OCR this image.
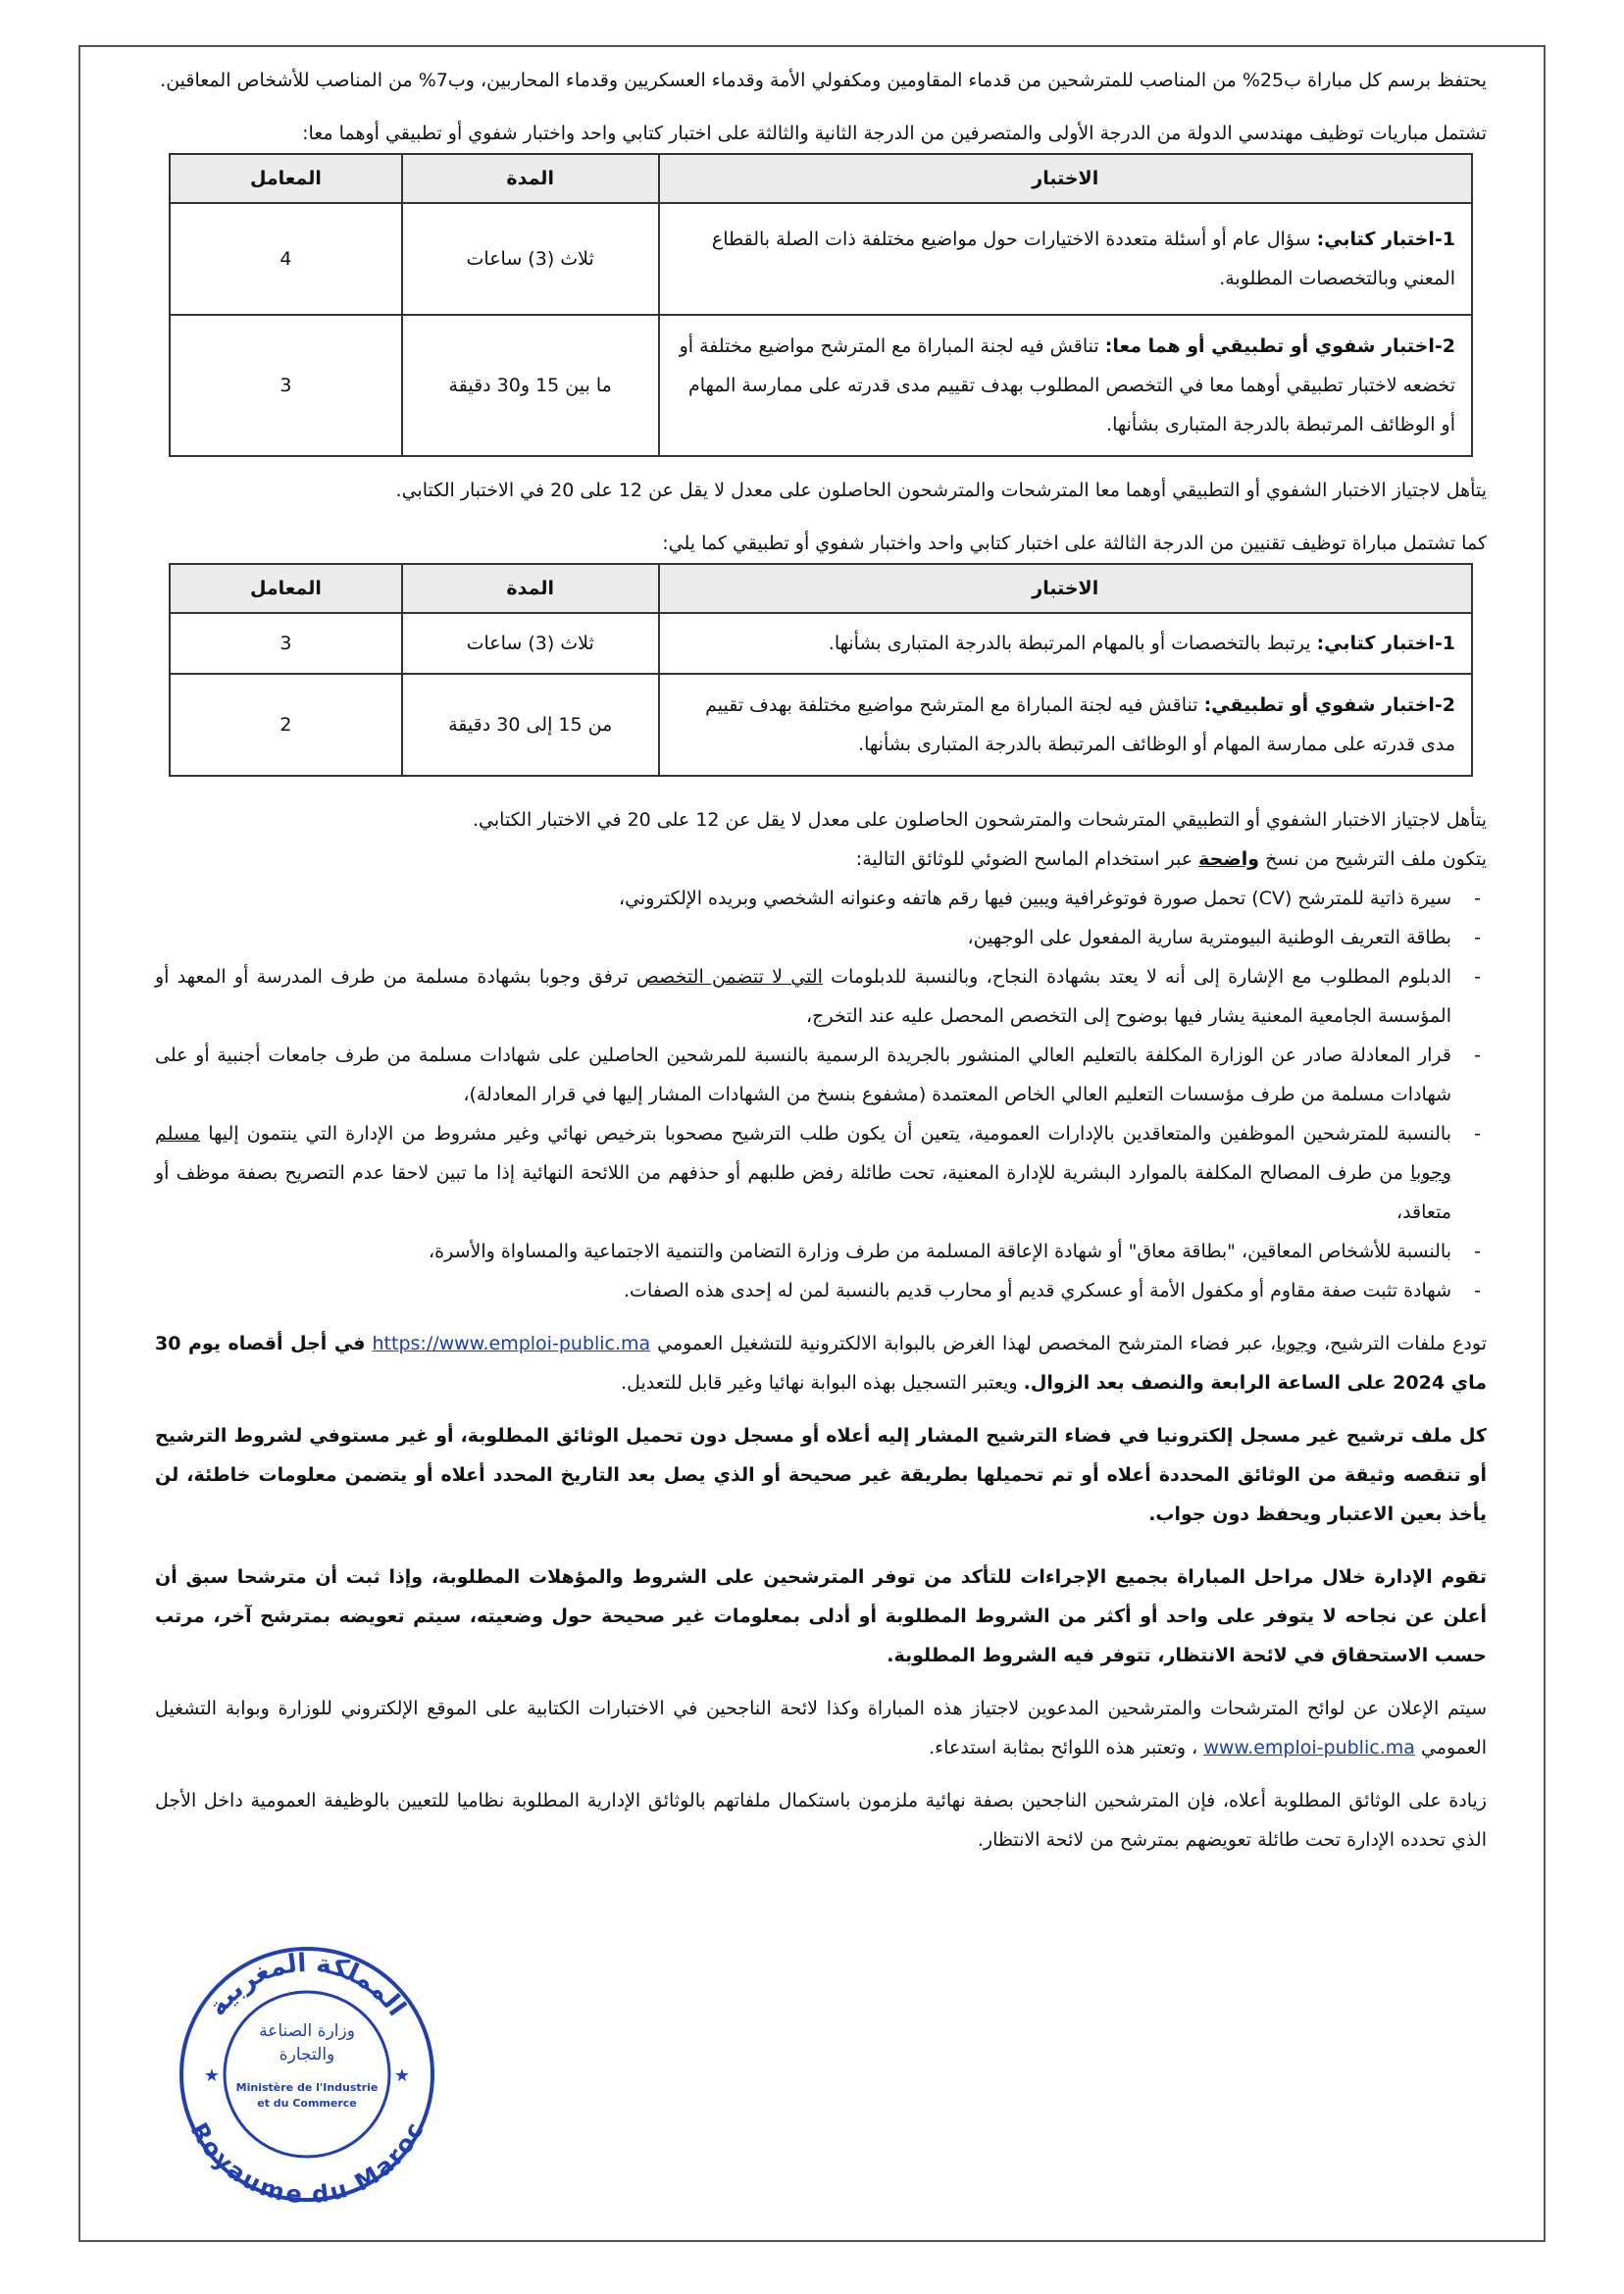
يحتفظ برسم كل مباراة ب25% من المناصب للمترشحين من قدماء المقاومين ومكفولي الأمة وقدماء العسكريين وقدماء المحاربين، وب7% من المناصب للأشخاص المعاقين.

تشتمل مباريات توظيف مهندسي الدولة من الدرجة الأولى والمتصرفين من الدرجة الثانية والثالثة على اختبار كتابي واحد واختبار شفوي أو تطبيقي أوهما معا:

الاختبار	المدة	المعامل
1-اختبار كتابي: سؤال عام أو أسئلة متعددة الاختيارات حول مواضيع مختلفة ذات الصلة بالقطاع المعني وبالتخصصات المطلوبة.	ثلاث (3) ساعات	4
2-اختبار شفوي أو تطبيقي أو هما معا: تناقش فيه لجنة المباراة مع المترشح مواضيع مختلفة أو تخضعه لاختبار تطبيقي أوهما معا في التخصص المطلوب بهدف تقييم مدى قدرته على ممارسة المهام أو الوظائف المرتبطة بالدرجة المتبارى بشأنها.	ما بين 15 و30 دقيقة	3

يتأهل لاجتياز الاختبار الشفوي أو التطبيقي أوهما معا المترشحات والمترشحون الحاصلون على معدل لا يقل عن 12 على 20 في الاختبار الكتابي.

كما تشتمل مباراة توظيف تقنيين من الدرجة الثالثة على اختبار كتابي واحد واختبار شفوي أو تطبيقي كما يلي:

الاختبار	المدة	المعامل
1-اختبار كتابي: يرتبط بالتخصصات أو بالمهام المرتبطة بالدرجة المتبارى بشأنها.	ثلاث (3) ساعات	3
2-اختبار شفوي أو تطبيقي: تناقش فيه لجنة المباراة مع المترشح مواضيع مختلفة بهدف تقييم مدى قدرته على ممارسة المهام أو الوظائف المرتبطة بالدرجة المتبارى بشأنها.	من 15 إلى 30 دقيقة	2

يتأهل لاجتياز الاختبار الشفوي أو التطبيقي المترشحات والمترشحون الحاصلون على معدل لا يقل عن 12 على 20 في الاختبار الكتابي.

يتكون ملف الترشيح من نسخ واضحة عبر استخدام الماسح الضوئي للوثائق التالية:

-
سيرة ذاتية للمترشح (CV) تحمل صورة فوتوغرافية ويبين فيها رقم هاتفه وعنوانه الشخصي وبريده الإلكتروني،
-
بطاقة التعريف الوطنية البيومترية سارية المفعول على الوجهين،
-
الدبلوم المطلوب مع الإشارة إلى أنه لا يعتد بشهادة النجاح، وبالنسبة للدبلومات التي لا تتضمن التخصص ترفق وجوبا بشهادة مسلمة من طرف المدرسة أو المعهد أو المؤسسة الجامعية المعنية يشار فيها بوضوح إلى التخصص المحصل عليه عند التخرج،
-
قرار المعادلة صادر عن الوزارة المكلفة بالتعليم العالي المنشور بالجريدة الرسمية بالنسبة للمرشحين الحاصلين على شهادات مسلمة من طرف جامعات أجنبية أو على شهادات مسلمة من طرف مؤسسات التعليم العالي الخاص المعتمدة (مشفوع بنسخ من الشهادات المشار إليها في قرار المعادلة)،
-
بالنسبة للمترشحين الموظفين والمتعاقدين بالإدارات العمومية، يتعين أن يكون طلب الترشيح مصحوبا بترخيص نهائي وغير مشروط من الإدارة التي ينتمون إليها مسلم وجوبا من طرف المصالح المكلفة بالموارد البشرية للإدارة المعنية، تحت طائلة رفض طلبهم أو حذفهم من اللائحة النهائية إذا ما تبين لاحقا عدم التصريح بصفة موظف أو متعاقد،
-
بالنسبة للأشخاص المعاقين، "بطاقة معاق" أو شهادة الإعاقة المسلمة من طرف وزارة التضامن والتنمية الاجتماعية والمساواة والأسرة،
-
شهادة تثبت صفة مقاوم أو مكفول الأمة أو عسكري قديم أو محارب قديم بالنسبة لمن له إحدى هذه الصفات.

تودع ملفات الترشيح، وجوبا، عبر فضاء المترشح المخصص لهذا الغرض بالبوابة الالكترونية للتشغيل العمومي https://www.emploi-public.ma في أجل أقصاه يوم 30 ماي 2024 على الساعة الرابعة والنصف بعد الزوال. ويعتبر التسجيل بهذه البوابة نهائيا وغير قابل للتعديل.

كل ملف ترشيح غير مسجل إلكترونيا في فضاء الترشيح المشار إليه أعلاه أو مسجل دون تحميل الوثائق المطلوبة، أو غير مستوفي لشروط الترشيح أو تنقصه وثيقة من الوثائق المحددة أعلاه أو تم تحميلها بطريقة غير صحيحة أو الذي يصل بعد التاريخ المحدد أعلاه أو يتضمن معلومات خاطئة، لن يأخذ بعين الاعتبار ويحفظ دون جواب.

تقوم الإدارة خلال مراحل المباراة بجميع الإجراءات للتأكد من توفر المترشحين على الشروط والمؤهلات المطلوبة، وإذا ثبت أن مترشحا سبق أن أعلن عن نجاحه لا يتوفر على واحد أو أكثر من الشروط المطلوبة أو أدلى بمعلومات غير صحيحة حول وضعيته، سيتم تعويضه بمترشح آخر، مرتب حسب الاستحقاق في لائحة الانتظار، تتوفر فيه الشروط المطلوبة.

سيتم الإعلان عن لوائح المترشحات والمترشحين المدعوين لاجتياز هذه المباراة وكذا لائحة الناجحين في الاختبارات الكتابية على الموقع الإلكتروني للوزارة وبوابة التشغيل العمومي www.emploi-public.ma ، وتعتبر هذه اللوائح بمثابة استدعاء.

زيادة على الوثائق المطلوبة أعلاه، فإن المترشحين الناجحين بصفة نهائية ملزمون باستكمال ملفاتهم بالوثائق الإدارية المطلوبة نظاميا للتعيين بالوظيفة العمومية داخل الأجل الذي تحدده الإدارة تحت طائلة تعويضهم بمترشح من لائحة الانتظار.

المملكة المغربية
Royaume du Maroc
★	★
وزارة الصناعة
والتجارة
Ministère de l'Industrie
et du Commerce
